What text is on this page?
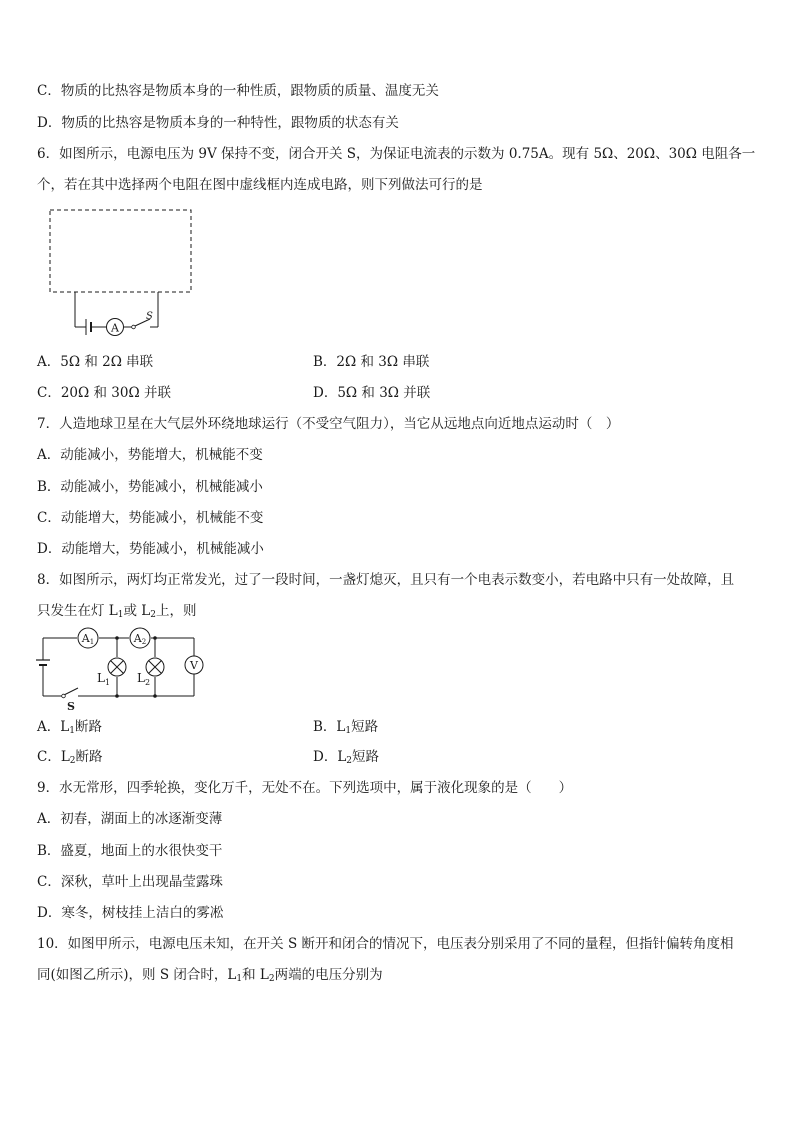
C．物质的比热容是物质本身的一种性质，跟物质的质量、温度无关
D．物质的比热容是物质本身的一种特性，跟物质的状态有关
6．如图所示，电源电压为 9V 保持不变，闭合开关 S，为保证电流表的示数为 0.75A。现有 5Ω、20Ω、30Ω 电阻各一
个，若在其中选择两个电阻在图中虚线框内连成电路，则下列做法可行的是
A
S
A．5Ω 和 2Ω 串联	B．2Ω 和 3Ω 串联
C．20Ω 和 30Ω 并联	D．5Ω 和 3Ω 并联
7．人造地球卫星在大气层外环绕地球运行（不受空气阻力），当它从远地点向近地点运动时（　）
A．动能减小，势能增大，机械能不变
B．动能减小，势能减小，机械能减小
C．动能增大，势能减小，机械能不变
D．动能增大，势能减小，机械能减小
8．如图所示，两灯均正常发光，过了一段时间，一盏灯熄灭，且只有一个电表示数变小，若电路中只有一处故障，且
只发生在灯 $L_1$或 $L_2$上，则
A1	A2
V
$L_1$ $L_2$
S
A．$L_1$断路	B．$L_1$短路
C．$L_2$断路	D．$L_2$短路
9．水无常形，四季轮换，变化万千，无处不在。下列选项中，属于液化现象的是（　　）
A．初春，湖面上的冰逐渐变薄
B．盛夏，地面上的水很快变干
C．深秋，草叶上出现晶莹露珠
D．寒冬，树枝挂上洁白的雾凇
10．如图甲所示，电源电压未知，在开关 S 断开和闭合的情况下，电压表分别采用了不同的量程，但指针偏转角度相
同(如图乙所示)，则 S 闭合时，$L_1$和 $L_2$两端的电压分别为
